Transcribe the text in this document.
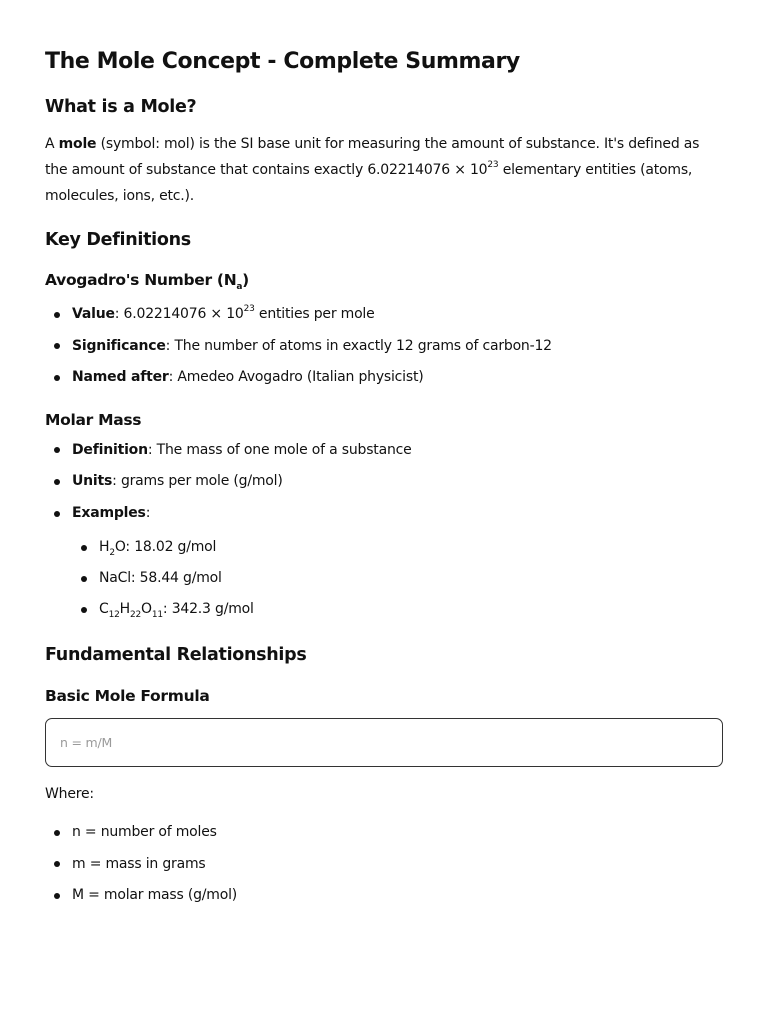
The Mole Concept - Complete Summary
What is a Mole?

A mole (symbol: mol) is the SI base unit for measuring the amount of substance. It's defined as the amount of substance that contains exactly $6.02214076 \times 10^{23}$ elementary entities (atoms, molecules, ions, etc.).

Key Definitions
Avogadro's Number $(N_a)$
Value: $6.02214076 \times 10^{23}$ entities per mole
Significance: The number of atoms in exactly 12 grams of carbon-12
Named after: Amedeo Avogadro (Italian physicist)
Molar Mass
Definition: The mass of one mole of a substance
Units: grams per mole (g/mol)
Examples:
$H_2O$: 18.02 g/mol
NaCl: 58.44 g/mol
$C_{12}H_{22}O_{11}$: 342.3 g/mol
Fundamental Relationships
Basic Mole Formula
n = m/M

Where:

n = number of moles
m = mass in grams
M = molar mass (g/mol)
